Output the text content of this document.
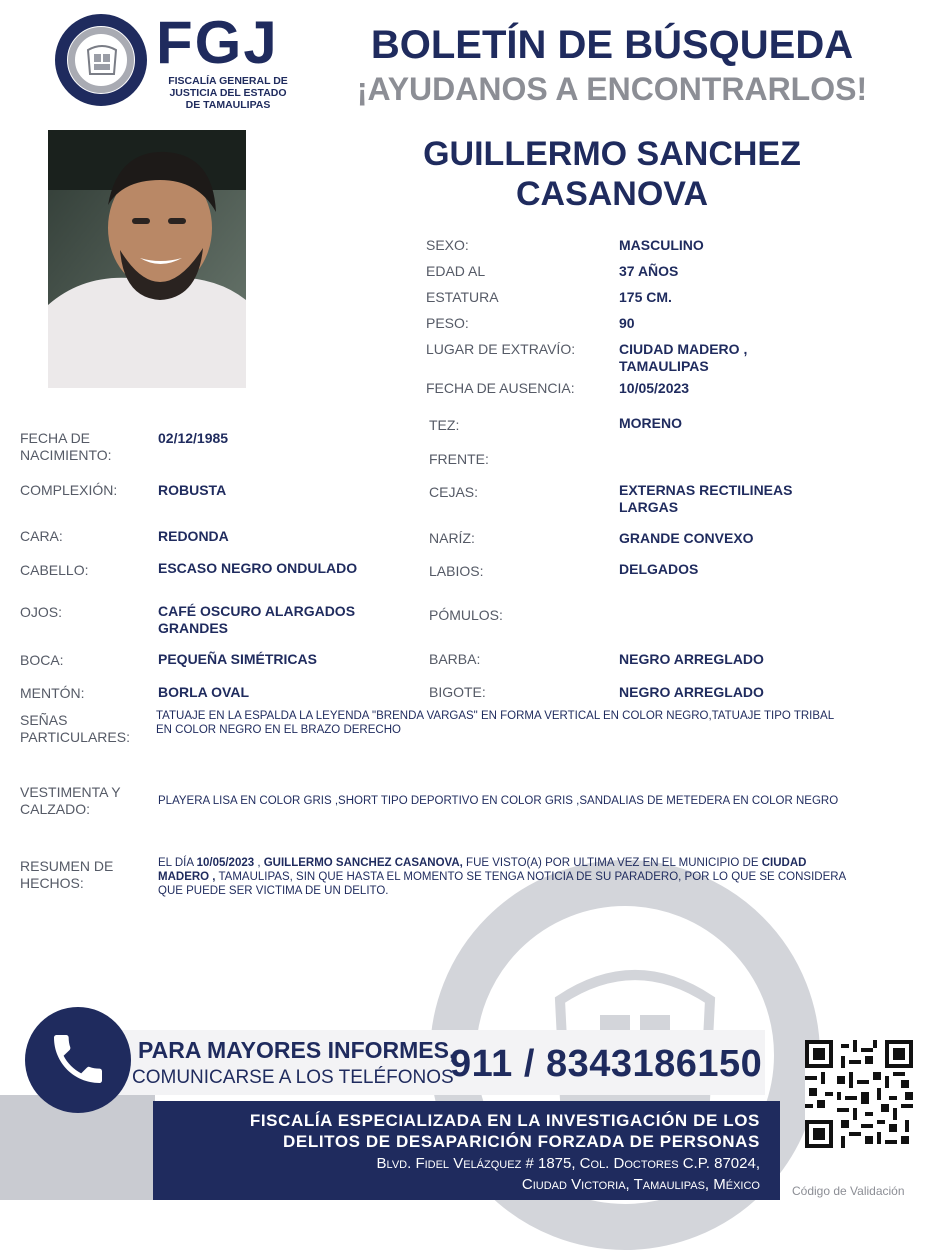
FGJ
FISCALÍA GENERAL DE
JUSTICIA DEL ESTADO
DE TAMAULIPAS
BOLETÍN DE BÚSQUEDA
¡AYUDANOS A ENCONTRARLOS!
GUILLERMO SANCHEZ
CASANOVA
SEXO:	MASCULINO
EDAD AL	37 AÑOS
ESTATURA	175 CM.
PESO:	90
LUGAR DE EXTRAVÍO:	CIUDAD MADERO ,
TAMAULIPAS
FECHA DE AUSENCIA:	10/05/2023
TEZ:	MORENO
FRENTE:
CEJAS:	EXTERNAS RECTILINEAS
LARGAS
NARÍZ:	GRANDE CONVEXO
LABIOS:	DELGADOS
PÓMULOS:
BARBA:	NEGRO ARREGLADO
BIGOTE:	NEGRO ARREGLADO
FECHA DE
NACIMIENTO:
02/12/1985
COMPLEXIÓN:	ROBUSTA
CARA:	REDONDA
CABELLO:	ESCASO NEGRO ONDULADO
OJOS:	CAFÉ OSCURO ALARGADOS
GRANDES
BOCA:	PEQUEÑA SIMÉTRICAS
MENTÓN:	BORLA OVAL
SEÑAS
PARTICULARES:
TATUAJE EN LA ESPALDA LA LEYENDA "BRENDA VARGAS" EN FORMA VERTICAL EN COLOR NEGRO,TATUAJE TIPO TRIBAL EN COLOR NEGRO EN EL BRAZO DERECHO
VESTIMENTA Y
CALZADO:	PLAYERA LISA EN COLOR GRIS ,SHORT TIPO DEPORTIVO EN COLOR GRIS ,SANDALIAS DE METEDERA EN COLOR NEGRO
RESUMEN DE
HECHOS:
EL DÍA 10/05/2023 , GUILLERMO SANCHEZ CASANOVA, FUE VISTO(A) POR ULTIMA VEZ EN EL MUNICIPIO DE CIUDAD MADERO , TAMAULIPAS, SIN QUE HASTA EL MOMENTO SE TENGA NOTICIA DE SU PARADERO, POR LO QUE SE CONSIDERA QUE PUEDE SER VICTIMA DE UN DELITO.
PARA MAYORES INFORMES,
COMUNICARSE A LOS TELÉFONOS
911 / 8343186150
FISCALÍA ESPECIALIZADA EN LA INVESTIGACIÓN DE LOS
DELITOS DE DESAPARICIÓN FORZADA DE PERSONAS
Blvd. Fidel Velázquez # 1875, Col. Doctores C.P. 87024,
Ciudad Victoria, Tamaulipas, México	Código de Validación
